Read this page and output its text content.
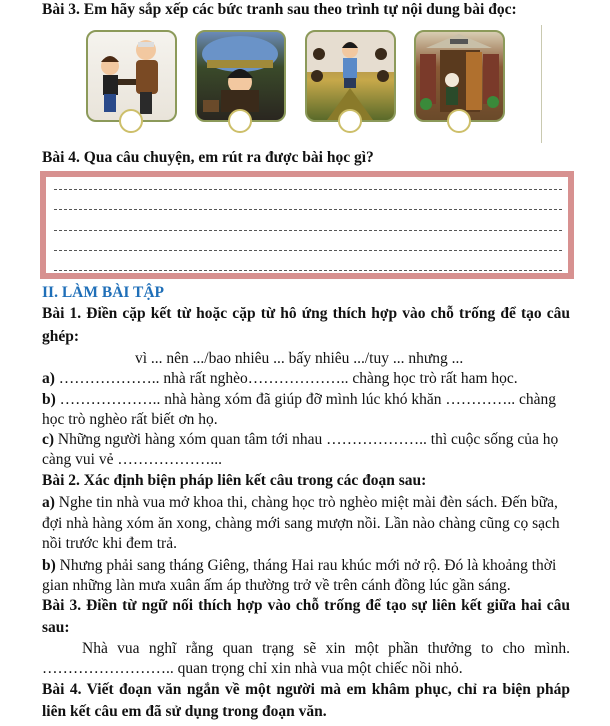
Bài 3. Em hãy sắp xếp các bức tranh sau theo trình tự nội dung bài đọc:
Bài 4. Qua câu chuyện, em rút ra được bài học gì?
II. LÀM BÀI TẬP
Bài 1. Điền cặp kết từ hoặc cặp từ hô ứng thích hợp vào chỗ trống để tạo câu
ghép:
vì ... nên .../bao nhiêu ... bấy nhiêu .../tuy ... nhưng ...
a) ……………….. nhà rất nghèo……………….. chàng học trò rất ham học.
b) ……………….. nhà hàng xóm đã giúp đỡ mình lúc khó khăn ………….. chàng
học trò nghèo rất biết ơn họ.
c) Những người hàng xóm quan tâm tới nhau ……………….. thì cuộc sống của họ
càng vui vẻ ………………...
Bài 2. Xác định biện pháp liên kết câu trong các đoạn sau:
a) Nghe tin nhà vua mở khoa thi, chàng học trò nghèo miệt mài đèn sách. Đến bữa,
đợi nhà hàng xóm ăn xong, chàng mới sang mượn nồi. Lần nào chàng cũng cọ sạch
nồi trước khi đem trả.
b) Nhưng phải sang tháng Giêng, tháng Hai rau khúc mới nở rộ. Đó là khoảng thời
gian những làn mưa xuân ấm áp thường trở về trên cánh đồng lúc gần sáng.
Bài 3. Điền từ ngữ nối thích hợp vào chỗ trống để tạo sự liên kết giữa hai câu
sau:
Nhà vua nghĩ rằng quan trạng sẽ xin một phần thưởng to cho mình.
…………………….. quan trọng chỉ xin nhà vua một chiếc nồi nhỏ.
Bài 4. Viết đoạn văn ngắn về một người mà em khâm phục, chỉ ra biện pháp
liên kết câu em đã sử dụng trong đoạn văn.
